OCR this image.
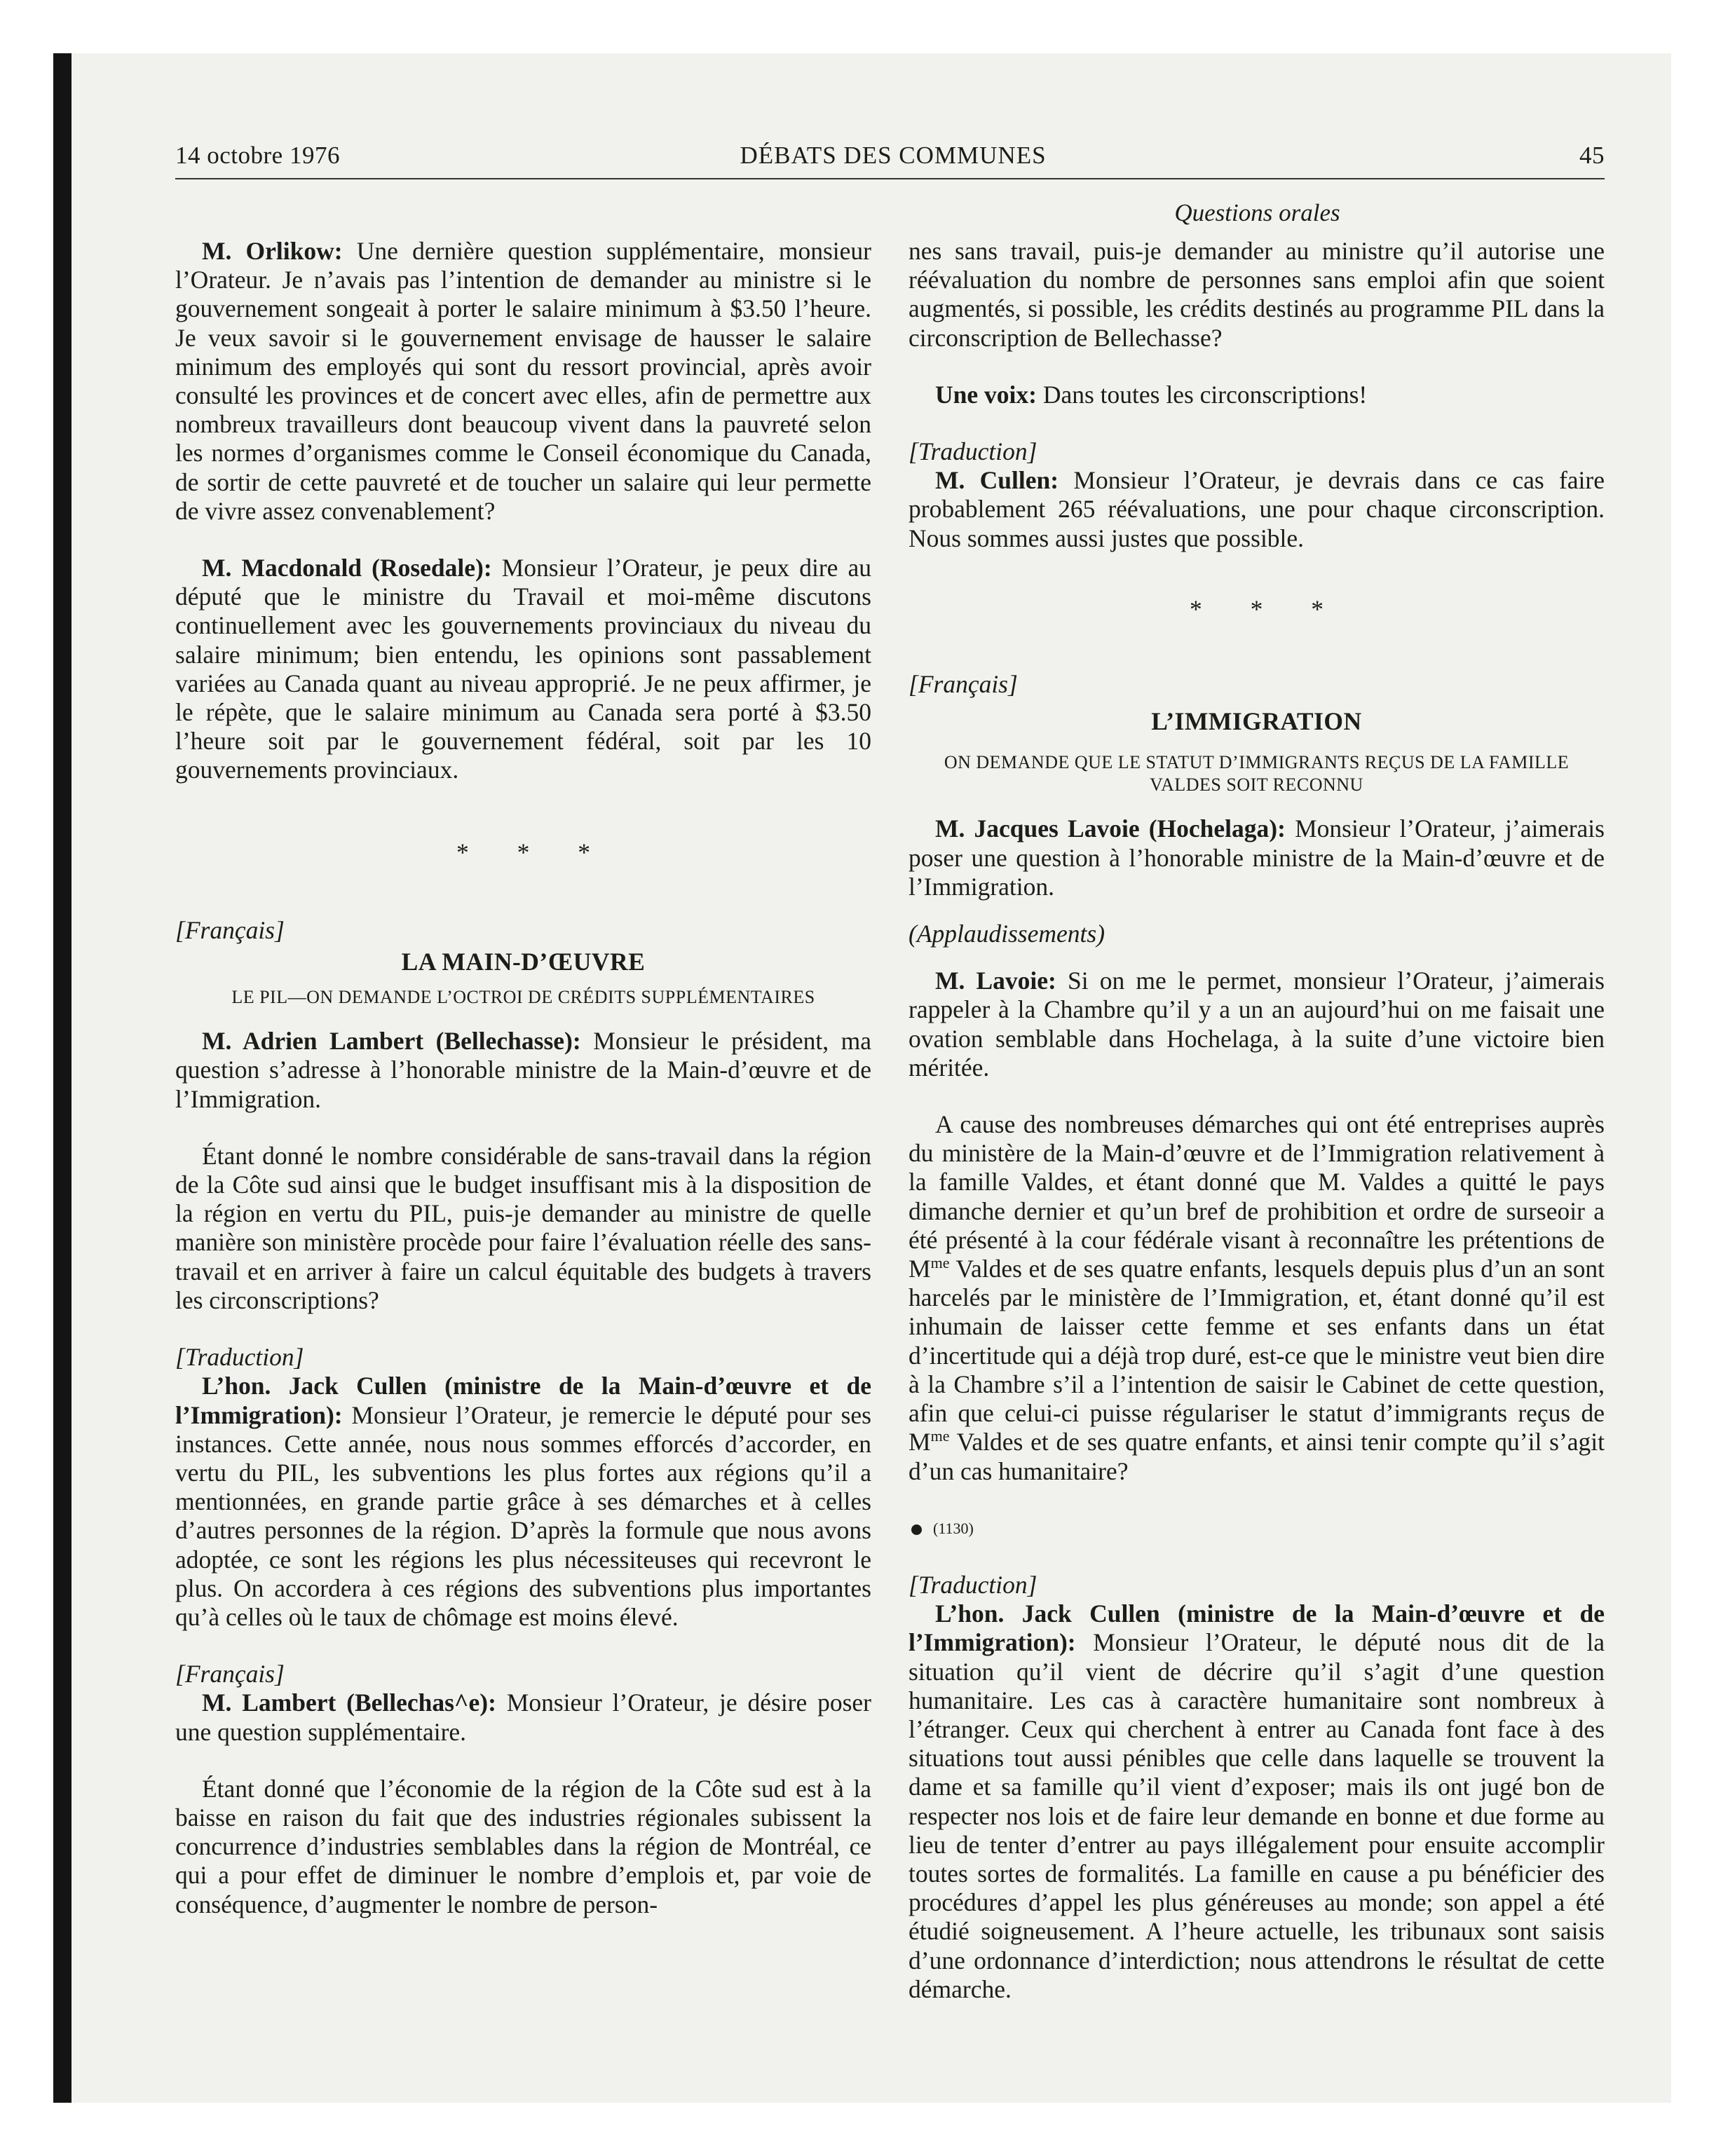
14 octobre 1976	DÉBATS DES COMMUNES	45
Questions orales

M. Orlikow: Une dernière question supplémentaire, monsieur l’Orateur. Je n’avais pas l’intention de demander au ministre si le gouvernement songeait à porter le salaire minimum à $3.50 l’heure. Je veux savoir si le gouvernement envisage de hausser le salaire minimum des employés qui sont du ressort provincial, après avoir consulté les provinces et de concert avec elles, afin de permettre aux nombreux travailleurs dont beaucoup vivent dans la pauvreté selon les normes d’organismes comme le Conseil économique du Canada, de sortir de cette pauvreté et de toucher un salaire qui leur permette de vivre assez convenablement?

M. Macdonald (Rosedale): Monsieur l’Orateur, je peux dire au député que le ministre du Travail et moi-même discutons continuellement avec les gouvernements provinciaux du niveau du salaire minimum; bien entendu, les opinions sont passablement variées au Canada quant au niveau approprié. Je ne peux affirmer, je le répète, que le salaire minimum au Canada sera porté à $3.50 l’heure soit par le gouvernement fédéral, soit par les 10 gouvernements provinciaux.

* * *

[Français]

LA MAIN-D’ŒUVRE

LE PIL—ON DEMANDE L’OCTROI DE CRÉDITS SUPPLÉMENTAIRES

M. Adrien Lambert (Bellechasse): Monsieur le président, ma question s’adresse à l’honorable ministre de la Main-d’œuvre et de l’Immigration.

Étant donné le nombre considérable de sans-travail dans la région de la Côte sud ainsi que le budget insuffisant mis à la disposition de la région en vertu du PIL, puis-je demander au ministre de quelle manière son ministère procède pour faire l’évaluation réelle des sans-travail et en arriver à faire un calcul équitable des budgets à travers les circonscriptions?

[Traduction]

L’hon. Jack Cullen (ministre de la Main-d’œuvre et de l’Immigration): Monsieur l’Orateur, je remercie le député pour ses instances. Cette année, nous nous sommes efforcés d’accorder, en vertu du PIL, les subventions les plus fortes aux régions qu’il a mentionnées, en grande partie grâce à ses démarches et à celles d’autres personnes de la région. D’après la formule que nous avons adoptée, ce sont les régions les plus nécessiteuses qui recevront le plus. On accordera à ces régions des subventions plus importantes qu’à celles où le taux de chômage est moins élevé.

[Français]

M. Lambert (Bellechas^e): Monsieur l’Orateur, je désire poser une question supplémentaire.

Étant donné que l’économie de la région de la Côte sud est à la baisse en raison du fait que des industries régionales subissent la concurrence d’industries semblables dans la région de Montréal, ce qui a pour effet de diminuer le nombre d’emplois et, par voie de conséquence, d’augmenter le nombre de person-

nes sans travail, puis-je demander au ministre qu’il autorise une réévaluation du nombre de personnes sans emploi afin que soient augmentés, si possible, les crédits destinés au programme PIL dans la circonscription de Bellechasse?

Une voix: Dans toutes les circonscriptions!

[Traduction]

M. Cullen: Monsieur l’Orateur, je devrais dans ce cas faire probablement 265 réévaluations, une pour chaque circonscription. Nous sommes aussi justes que possible.

* * *

[Français]

L’IMMIGRATION

ON DEMANDE QUE LE STATUT D’IMMIGRANTS REÇUS DE LA FAMILLE VALDES SOIT RECONNU

M. Jacques Lavoie (Hochelaga): Monsieur l’Orateur, j’aimerais poser une question à l’honorable ministre de la Main-d’œuvre et de l’Immigration.

(Applaudissements)

M. Lavoie: Si on me le permet, monsieur l’Orateur, j’aimerais rappeler à la Chambre qu’il y a un an aujourd’hui on me faisait une ovation semblable dans Hochelaga, à la suite d’une victoire bien méritée.

A cause des nombreuses démarches qui ont été entreprises auprès du ministère de la Main-d’œuvre et de l’Immigration relativement à la famille Valdes, et étant donné que M. Valdes a quitté le pays dimanche dernier et qu’un bref de prohibition et ordre de surseoir a été présenté à la cour fédérale visant à reconnaître les prétentions de $M^{me}$ Valdes et de ses quatre enfants, lesquels depuis plus d’un an sont harcelés par le ministère de l’Immigration, et, étant donné qu’il est inhumain de laisser cette femme et ses enfants dans un état d’incertitude qui a déjà trop duré, est-ce que le ministre veut bien dire à la Chambre s’il a l’intention de saisir le Cabinet de cette question, afin que celui-ci puisse régulariser le statut d’immigrants reçus de $M^{me}$ Valdes et de ses quatre enfants, et ainsi tenir compte qu’il s’agit d’un cas humanitaire?

(1130)

[Traduction]

L’hon. Jack Cullen (ministre de la Main-d’œuvre et de l’Immigration): Monsieur l’Orateur, le député nous dit de la situation qu’il vient de décrire qu’il s’agit d’une question humanitaire. Les cas à caractère humanitaire sont nombreux à l’étranger. Ceux qui cherchent à entrer au Canada font face à des situations tout aussi pénibles que celle dans laquelle se trouvent la dame et sa famille qu’il vient d’exposer; mais ils ont jugé bon de respecter nos lois et de faire leur demande en bonne et due forme au lieu de tenter d’entrer au pays illégalement pour ensuite accomplir toutes sortes de formalités. La famille en cause a pu bénéficier des procédures d’appel les plus généreuses au monde; son appel a été étudié soigneusement. A l’heure actuelle, les tribunaux sont saisis d’une ordonnance d’interdiction; nous attendrons le résultat de cette démarche.
